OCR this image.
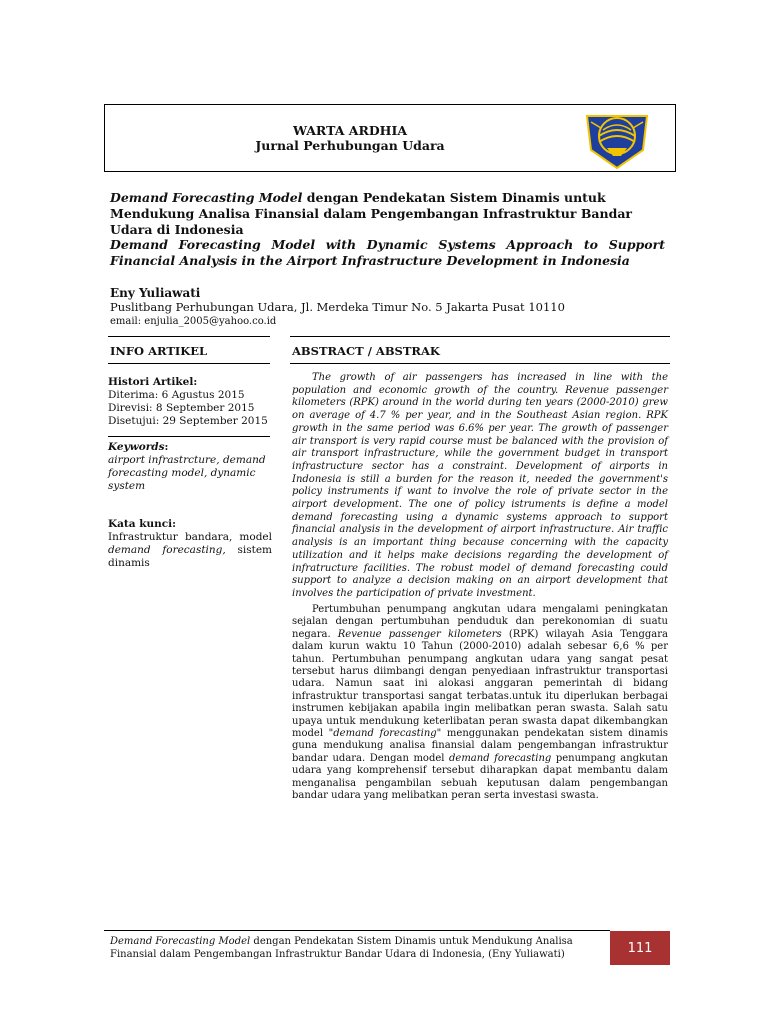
WARTA ARDHIA
Jurnal Perhubungan Udara
Demand Forecasting Model dengan Pendekatan Sistem Dinamis untuk Mendukung Analisa Finansial dalam Pengembangan Infrastruktur Bandar Udara di Indonesia
Demand Forecasting Model with Dynamic Systems Approach to Support Financial Analysis in the Airport Infrastructure Development in Indonesia
Eny Yuliawati
Puslitbang Perhubungan Udara, Jl. Merdeka Timur No. 5 Jakarta Pusat 10110
email: enjulia_2005@yahoo.co.id
INFO ARTIKEL	ABSTRACT / ABSTRAK
Histori Artikel:
Diterima: 6 Agustus 2015
Direvisi: 8 September 2015
Disetujui: 29 September 2015
Keywords:
airport infrastrcture, demand forecasting model, dynamic system
Kata kunci:
Infrastruktur bandara, model demand forecasting, sistem dinamis

The growth of air passengers has increased in line with the population and economic growth of the country. Revenue passenger kilometers (RPK) around in the world during ten years (2000-2010) grew on average of 4.7 % per year, and in the Southeast Asian region. RPK growth in the same period was 6.6% per year. The growth of passenger air transport is very rapid course must be balanced with the provision of air transport infrastructure, while the government budget in transport infrastructure sector has a constraint. Development of airports in Indonesia is still a burden for the reason it, needed the government's policy instruments if want to involve the role of private sector in the airport development. The one of policy istruments is define a model demand forecasting using a dynamic systems approach to support financial analysis in the development of airport infrastructure. Air traffic analysis is an important thing because concerning with the capacity utilization and it helps make decisions regarding the development of infratructure facilities. The robust model of demand forecasting could support to analyze a decision making on an airport development that involves the participation of private investment.

Pertumbuhan penumpang angkutan udara mengalami peningkatan sejalan dengan pertumbuhan penduduk dan perekonomian di suatu negara. Revenue passenger kilometers (RPK) wilayah Asia Tenggara dalam kurun waktu 10 Tahun (2000-2010) adalah sebesar 6,6 % per tahun. Pertumbuhan penumpang angkutan udara yang sangat pesat tersebut harus diimbangi dengan penyediaan infrastruktur transportasi udara. Namun saat ini alokasi anggaran pemerintah di bidang infrastruktur transportasi sangat terbatas.untuk itu diperlukan berbagai instrumen kebijakan apabila ingin melibatkan peran swasta. Salah satu upaya untuk mendukung keterlibatan peran swasta dapat dikembangkan model "demand forecasting" menggunakan pendekatan sistem dinamis guna mendukung analisa finansial dalam pengembangan infrastruktur bandar udara. Dengan model demand forecasting penumpang angkutan udara yang komprehensif tersebut diharapkan dapat membantu dalam menganalisa pengambilan sebuah keputusan dalam pengembangan bandar udara yang melibatkan peran serta investasi swasta.

Demand Forecasting Model dengan Pendekatan Sistem Dinamis untuk Mendukung Analisa Finansial dalam Pengembangan Infrastruktur Bandar Udara di Indonesia, (Eny Yuliawati)	111
